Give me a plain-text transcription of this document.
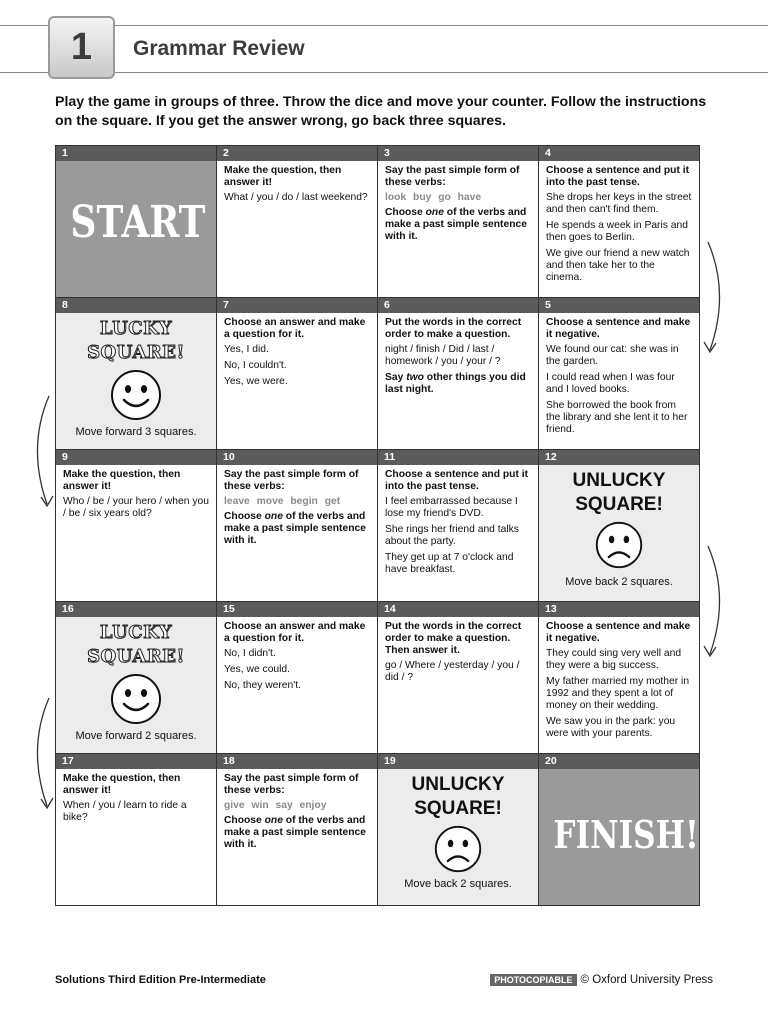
1	Grammar Review
Play the game in groups of three. Throw the dice and move your counter. Follow the instructions on the square. If you get the answer wrong, go back three squares.
1
START
2
Make the question, then answer it!
What / you / do / last weekend?
3
Say the past simple form of these verbs:
look buy go have
Choose one of the verbs and make a past simple sentence with it.
4
Choose a sentence and put it into the past tense.
She drops her keys in the street and then can't find them.
He spends a week in Paris and then goes to Berlin.
We give our friend a new watch and then take her to the cinema.
8
LUCKY
SQUARE!
Move forward 3 squares.
7
Choose an answer and make a question for it.
Yes, I did.
No, I couldn't.
Yes, we were.
6
Put the words in the correct order to make a question.
night / finish / Did / last / homework / you / your / ?
Say two other things you did last night.
5
Choose a sentence and make it negative.
We found our cat: she was in the garden.
I could read when I was four and I loved books.
She borrowed the book from the library and she lent it to her friend.
9
Make the question, then answer it!
Who / be / your hero / when you / be / six years old?
10
Say the past simple form of these verbs:
leave move begin get
Choose one of the verbs and make a past simple sentence with it.
11
Choose a sentence and put it into the past tense.
I feel embarrassed because I lose my friend's DVD.
She rings her friend and talks about the party.
They get up at 7 o'clock and have breakfast.
12
UNLUCKY
SQUARE!
Move back 2 squares.
16
LUCKY
SQUARE!
Move forward 2 squares.
15
Choose an answer and make a question for it.
No, I didn't.
Yes, we could.
No, they weren't.
14
Put the words in the correct order to make a question. Then answer it.
go / Where / yesterday / you / did / ?
13
Choose a sentence and make it negative.
They could sing very well and they were a big success.
My father married my mother in 1992 and they spent a lot of money on their wedding.
We saw you in the park: you were with your parents.
17
Make the question, then answer it!
When / you / learn to ride a bike?
18
Say the past simple form of these verbs:
give win say enjoy
Choose one of the verbs and make a past simple sentence with it.
19
UNLUCKY
SQUARE!
Move back 2 squares.
20
FINISH!
Solutions Third Edition Pre-Intermediate	PHOTOCOPIABLE © Oxford University Press
